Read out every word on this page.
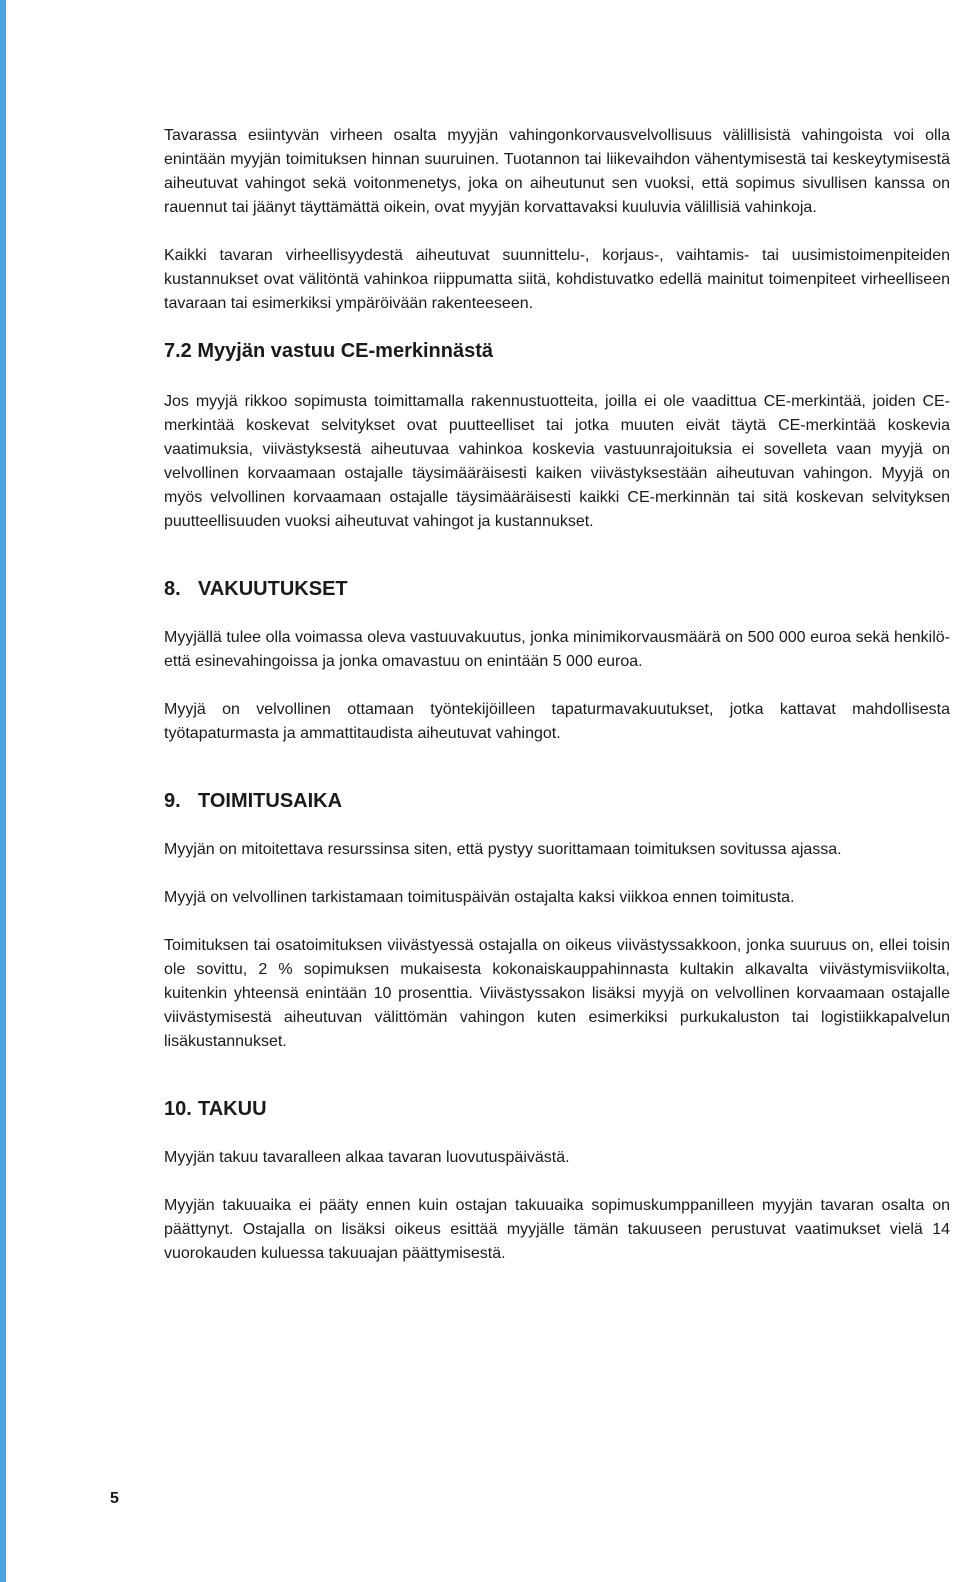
Tavarassa esiintyvän virheen osalta myyjän vahingonkorvausvelvollisuus välillisistä vahingoista voi olla enintään myyjän toimituksen hinnan suuruinen. Tuotannon tai liikevaihdon vähentymisestä tai keskeytymisestä aiheutuvat vahingot sekä voitonmenetys, joka on aiheutunut sen vuoksi, että sopimus sivullisen kanssa on rauennut tai jäänyt täyttämättä oikein, ovat myyjän korvattavaksi kuuluvia välillisiä vahinkoja.

Kaikki tavaran virheellisyydestä aiheutuvat suunnittelu-, korjaus-, vaihtamis- tai uusimistoimenpiteiden kustannukset ovat välitöntä vahinkoa riippumatta siitä, kohdistuvatko edellä mainitut toimenpiteet virheelliseen tavaraan tai esimerkiksi ympäröivään rakenteeseen.

7.2 Myyjän vastuu CE-merkinnästä

Jos myyjä rikkoo sopimusta toimittamalla rakennustuotteita, joilla ei ole vaadittua CE-merkintää, joiden CE-merkintää koskevat selvitykset ovat puutteelliset tai jotka muuten eivät täytä CE-merkintää koskevia vaatimuksia, viivästyksestä aiheutuvaa vahinkoa koskevia vastuunrajoituksia ei sovelleta vaan myyjä on velvollinen korvaamaan ostajalle täysimääräisesti kaiken viivästyksestään aiheutuvan vahingon. Myyjä on myös velvollinen korvaamaan ostajalle täysimääräisesti kaikki CE-merkinnän tai sitä koskevan selvityksen puutteellisuuden vuoksi aiheutuvat vahingot ja kustannukset.

8. VAKUUTUKSET

Myyjällä tulee olla voimassa oleva vastuuvakuutus, jonka minimikorvausmäärä on 500 000 euroa sekä henkilö- että esinevahingoissa ja jonka omavastuu on enintään 5 000 euroa.

Myyjä on velvollinen ottamaan työntekijöilleen tapaturmavakuutukset, jotka kattavat mahdollisesta työtapaturmasta ja ammattitaudista aiheutuvat vahingot.

9. TOIMITUSAIKA

Myyjän on mitoitettava resurssinsa siten, että pystyy suorittamaan toimituksen sovitussa ajassa.

Myyjä on velvollinen tarkistamaan toimituspäivän ostajalta kaksi viikkoa ennen toimitusta.

Toimituksen tai osatoimituksen viivästyessä ostajalla on oikeus viivästyssakkoon, jonka suuruus on, ellei toisin ole sovittu, 2 % sopimuksen mukaisesta kokonaiskauppahinnasta kultakin alkavalta viivästymisviikolta, kuitenkin yhteensä enintään 10 prosenttia. Viivästyssakon lisäksi myyjä on velvollinen korvaamaan ostajalle viivästymisestä aiheutuvan välittömän vahingon kuten esimerkiksi purkukaluston tai logistiikkapalvelun lisäkustannukset.

10. TAKUU

Myyjän takuu tavaralleen alkaa tavaran luovutuspäivästä.

Myyjän takuuaika ei pääty ennen kuin ostajan takuuaika sopimuskumppanilleen myyjän tavaran osalta on päättynyt. Ostajalla on lisäksi oikeus esittää myyjälle tämän takuuseen perustuvat vaatimukset vielä 14 vuorokauden kuluessa takuuajan päättymisestä.

5
